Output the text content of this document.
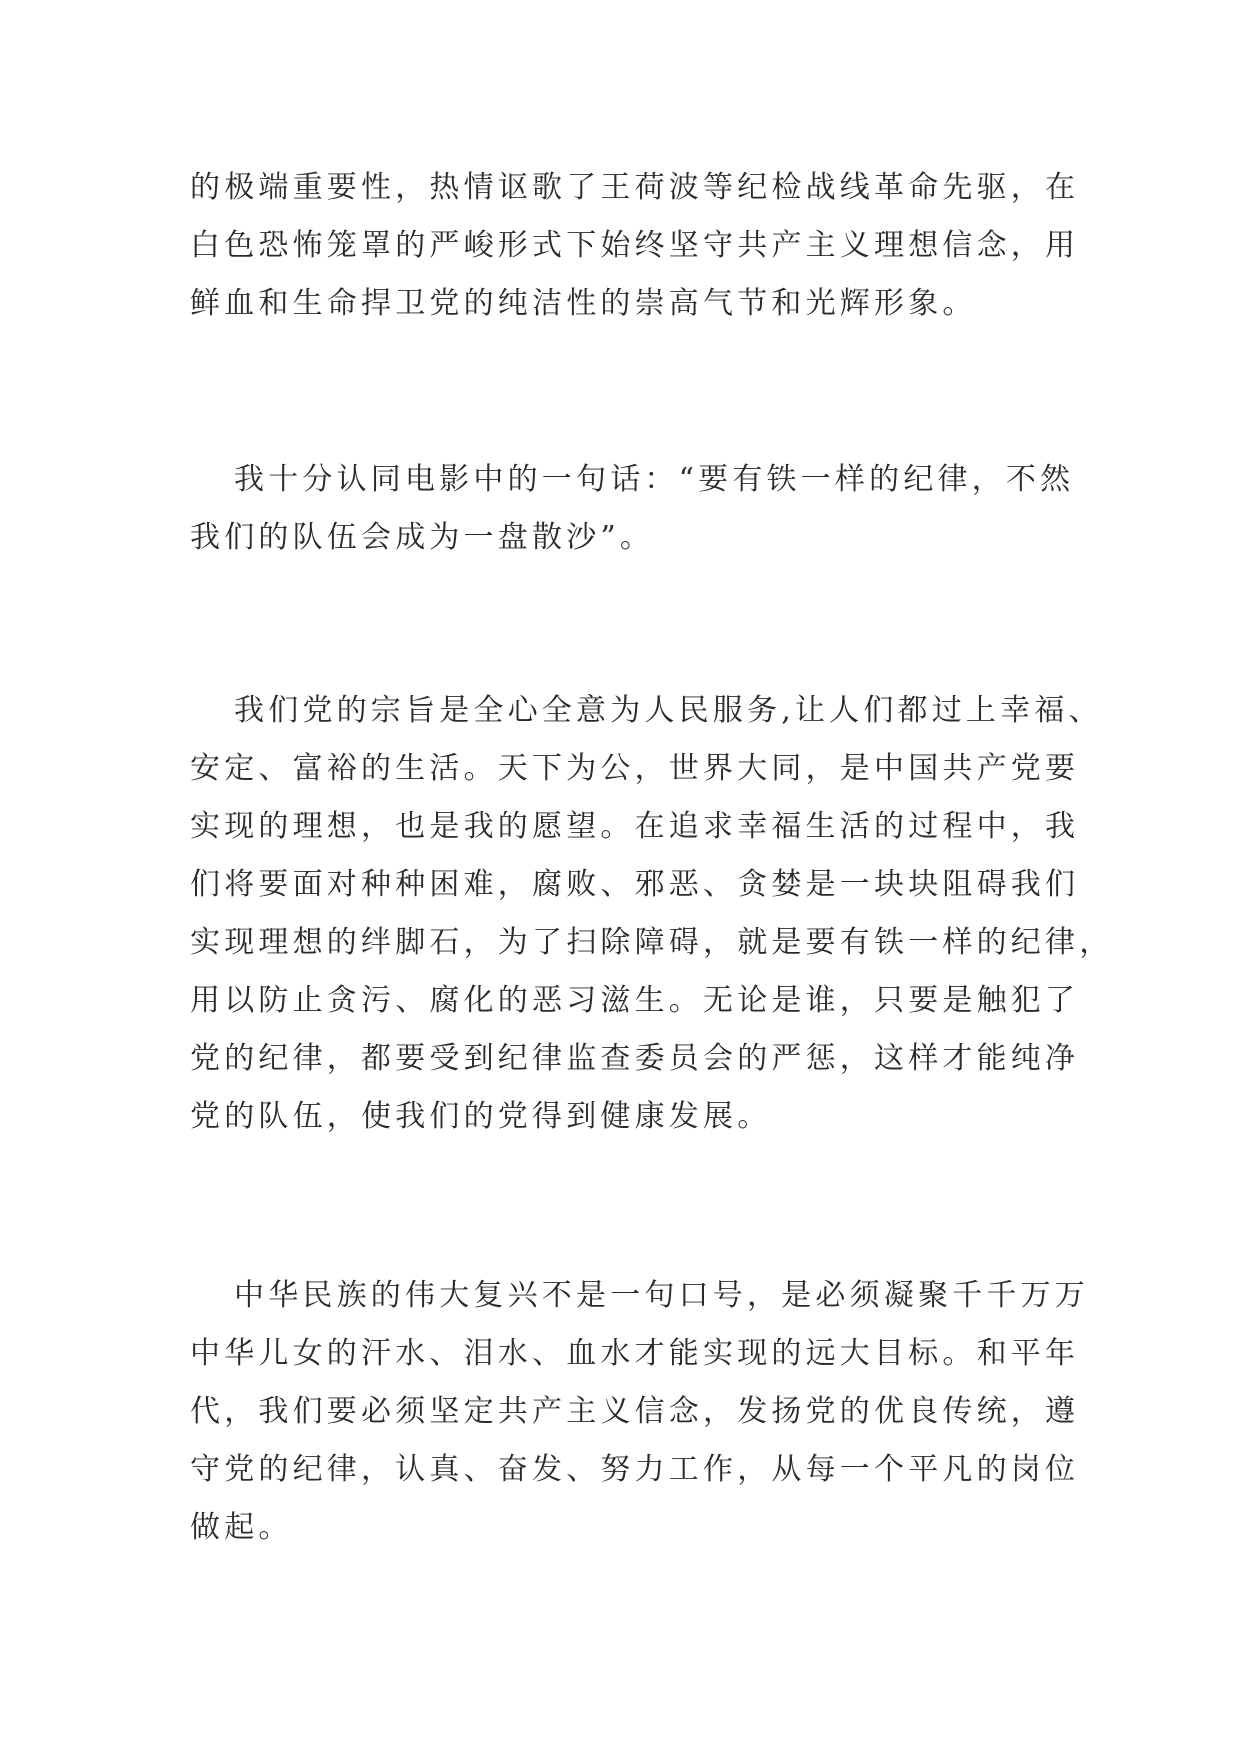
的极端重要性，热情讴歌了王荷波等纪检战线革命先驱，在
白色恐怖笼罩的严峻形式下始终坚守共产主义理想信念，用
鲜血和生命捍卫党的纯洁性的崇高气节和光辉形象。

我十分认同电影中的一句话：“要有铁一样的纪律，不然
我们的队伍会成为一盘散沙”。

我们党的宗旨是全心全意为人民服务,让人们都过上幸福、
安定、富裕的生活。天下为公，世界大同，是中国共产党要
实现的理想，也是我的愿望。在追求幸福生活的过程中，我
们将要面对种种困难，腐败、邪恶、贪婪是一块块阻碍我们
实现理想的绊脚石，为了扫除障碍，就是要有铁一样的纪律，
用以防止贪污、腐化的恶习滋生。无论是谁，只要是触犯了
党的纪律，都要受到纪律监查委员会的严惩，这样才能纯净
党的队伍，使我们的党得到健康发展。

中华民族的伟大复兴不是一句口号，是必须凝聚千千万万
中华儿女的汗水、泪水、血水才能实现的远大目标。和平年
代，我们要必须坚定共产主义信念，发扬党的优良传统，遵
守党的纪律，认真、奋发、努力工作，从每一个平凡的岗位
做起。
